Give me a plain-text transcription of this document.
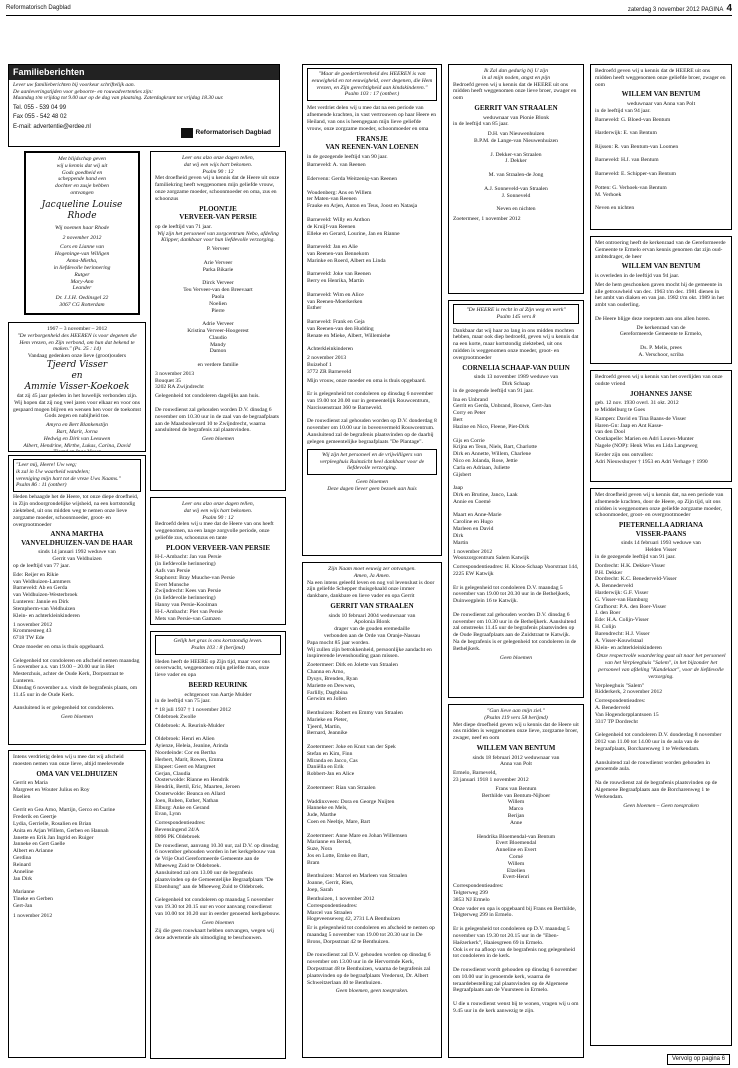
Reformatorisch Dagblad	zaterdag 3 november 2012 PAGINA 4
Familieberichten
Lever uw familieberichten bij voorkeur schriftelijk aan.
De aanleveringstijden voor geboorte- en rouwadvertenties zijn:
Maandag t/m vrijdag tot 9.00 uur op de dag van plaatsing. Zaterdagkrant tot vrijdag 18.30 uur.
Tel. 055 - 539 04 99
Fax 055 - 542 48 02
E-mail: advertentie@erdee.nl
Reformatorisch Dagblad
Met blijdschap geven
wij u kennis dat wij uit
Gods goedheid en
scheppende hand een
dochter en zusje hebben
ontvangen
Jacqueline Louise
Rhode
Wij noemen haar Rhode
2 november 2012
Cors en Lianne van
Hogeninge-van Willigen
Anna-Mietha,
in liefdevolle herinnering
Rutger
Mary-Ann
Leander
Dr. J.J.H. Oedinsgel 22
3067 CG Rotterdam
1967 – 3 november – 2012
"De verborgenheid des HEEREN is voor degenen die Hem vrezen, en Zijn verbond, om hun dat bekend te maken." (Ps. 25 : 14)
Vandaag gedenken onze lieve (groot)ouders
Tjeerd Visser
en
Ammie Visser-Koekoek
dat zij 45 jaar geleden in het huwelijk verbonden zijn. Wij hopen dat zij nog veel jaren voor elkaar en voor ons gespaard mogen blijven en wensen hen voor de toekomst Gods zegen en nabijheid toe.
Amyra en Bert Blankenstijn
Bart, Marit, Jorna
Hedwig en Dirk van Leeuwen
Albert, Hendrine, Mirthe, Lukas, Carina, David

"Leer mij, Heere! Uw weg;
ik zal in Uw waarheid wandelen;
vereniging mijn hart tot de vreze Uws Naams."
Psalm 86 : 11 (ontber)
Heden behaagde het de Heere, tot onze diepe droefheid, in Zijn ondoorgrondelijke wijsheid, na een kortstondig ziektebed, uit ons midden weg te nemen onze lieve zorgzame moeder, schoonmoeder, groot- en overgrootmoeder
ANNA MARTHA
VANVELDHUIZEN-VAN DE HAAR
sinds 14 januari 1992 weduwe van
Gerrit van Veldhuizen
op de leeftijd van 77 jaar.
Ede: Reijer en Rikie
van Veldhuizen-Lammers
Barneveld: Ab en Gerda
van Veldhuizen-Westerbroek
Lunteren: Jannie en Dirk
Stempherm-van Veldhuizen
Klein- en achterkleinkinderen
1 november 2012
Krommesteeg 43
6718 TW Ede
Onze moeder en oma is thuis opgebaard.

Gelegenheid tot condoleren en afscheid nemen maandag 5 november a.s. van 19.00 – 20.00 uur in Het Mesterzhuis, achter de Oude Kerk, Dorpsstraat te Lunteren.
Dinsdag 6 november a.s. vindt de begrafenis plaats, om 11.45 uur in de Oude Kerk.

Aansluitend is er gelegenheid tot condoleren.
Geen bloemen
Intens verdrietig delen wij u mee dat wij afscheid moesten nemen van onze lieve, altijd meelevende
OMA VAN VELDHUIZEN
Gerrit en Maria
Margreet en Wouter Julius en Roy
Boelien

Gerrit en Gea Arno, Martijn, Gerco en Carine
Frederik en Geertje
Lydia, Gerrielle, Rosalien en Brian
Anita en Arjan Willem, Gerben en Hannah
Janette en Erik Jan Ingrid en Ruiger
Janneke en Gert Gaelle
Albert en Arianne
Gerdina
Reinard
Anneline
Jan Dirk

Marianne
Tineke en Gerben
Gert-Jan
1 november 2012
Leer ons alzo onze dagen tellen,
dat wij een wijs hart bekomen.
Psalm 90 : 12
Met droefheid geven wij u kennis dat de Heere uit onze familiekring heeft weggenomen mijn geliefde vrouw, onze zorgzame moeder, schoonmoeder en oma, zus en schoonzus
PLOONTJE
VERVEER-VAN PERSIE
op de leeftijd van 71 jaar.
Wij zijn het personeel van zorgcentrum Nebo, afdeling Klipper, dankbaar voor hun liefdevolle verzorging.
P. Verveer

Arie Verveer
Parka Bikarie

Dirck Verveer
Teu Verveer-van den Breevaart
Paola
Noelien
Pierre

Adrie Verveer
Kristina Verveer-Hoogerest
Claudio
Mandy
Damon

en verdere familie
3 november 2013
Bouquet 35
3202 RA Zwijndrecht
Gelegenheid tot condoleren dagelijks aan huis.

De rouwdienst zal gehouden worden D.V. dinsdag 6 november om 10.30 uur in de zaal van de begraafplaats aan de Maasboulevard 10 te Zwijndrecht, waarna aansluitend de begrafenis zal plaatsvinden.
Geen bloemen
Leer ons alzo onze dagen tellen,
dat wij een wijs hart bekomen.
Psalm 90 : 12
Bedroefd delen wij u mee dat de Heere van ons heeft weggenomen, na een lange zorgvolle periode, onze geliefde zus, schoonzus en tante
PLOON VERVEER-VAN PERSIE
H-I.-Ambacht: Jan van Persie
(in liefdevolle herinnering)
Aafs van Persie
Staphorst: Bray Muuche-van Persie
Evert Munsche
Zwijndrecht: Kees van Persie
(in liefdevolle herinnering)
Hanny van Persie-Kooiman
H-I.-Ambacht: Piet van Persie
Mets van Persie-van Gamzen
Gelijk het gras is ons kortstondig leven.
Psalm 103 : 8 (berijmd)
Heden heeft de HEERE op Zijn tijd, maar voor ons onverwacht, weggenomen mijn geliefde man, onze lieve vader en opa
BEERD REURINK
echtgenoot van Aartje Mulder
in de leeftijd van 75 jaar.
* 18 juli 1937 † 1 november 2012
Oldebroek Zwolle
Oldebroek: A. Reurink-Mulder

Oldebroek: Henri en Alien
Ayienze, Heleia, Jeanine, Arinda
Noordeinde: Cor en Bertha
Herbert, Marit, Rowen, Emma
Elspeet: Geert en Margreet
Gerjan, Claudia
Oosterwolde: Rianne en Hendrik
Hendrik, Bertil, Eric, Maarten, Jeroen
Oosterwolde: Beanca en Allard
Joen, Ruben, Esther, Nathan
Elburg: Anke en Gerand
Evan, Lynn
Correspondentieadres:
Bevensingend 24/A
8096 PK Oldebroek
De rouwdienst, aanvang 10.30 uur, zal D.V. op dinsdag 6 november gehouden worden in het kerkgebouw van de Vrije Oud Gereformeerde Gemeente aan de Mheeweg Zuid te Oldebroek.
Aansluitend zal om 13.00 uur de begrafenis plaatsvinden op de Gemeentelijke Begraafplaats "De Elzenhung" aan de Mheeweg Zuid te Oldebroek.

Gelegenheid tot condoleren op maandag 5 november van 19.30 tot 20.15 uur en voor aanvang rouwdienst van 10.00 tot 10.20 uur in eerder genoemd kerkgebouw.
Geen bloemen
Zij die geen rouwkaart hebben ontvangen, wegen wij deze advertentie als uitnodiging te beschouwen.
"Maar de goedertierenheid des HEEREN is van eeuwigheid en tot eeuwigheid, over degenen, die Hem vrezen, en Zijn gerechtigheid aan kindskinderen."
Psalm 103 : 17 (ontber.)
Met verdriet delen wij u mee dat na een periode van afnemende krachten, in vast vertrouwen op haar Heere en Heiland, van ons is heengegaan mijn lieve geliefde vrouw, onze zorgzame moeder, schoonmoeder en oma
FRANSJE
VAN REENEN-VAN LOENEN
in de gezegende leeftijd van 90 jaar.
Barneveld: A. van Reenen

Edervenn: Gerda Weitzenig-van Reenen

Woudenberg: Ans en Willem
ter Maten-van Reenen
Frauke en Arjen, Anton en Teus, Joost en Natasja

Barneveld: Willy en Anthon
de Kruijf-van Reenen
Elleke en Gerard, Lourine, Jan en Rianne

Barneveld: Jan en Alie
van Reenen-van Bennekom
Marinke en Roerd, Albert en Linda

Barneveld: Joke van Reenen
Berry en Henrika, Martin

Barneveld: Wim en Alice
van Reenen-Moerkerken
Esther

Barneveld: Frank en Geja
van Reenen-van den Hudding
Renate en Mieke, Albert, Willemiehe

Achterkleinkinderen
2 november 2013
Buizehof 1
3772 ZR Barneveld
Mijn vrouw, onze moeder en oma is thuis opgebaard.

Er is gelegenheid tot condoleren op dinsdag 6 november van 19.00 tot 20.00 uur in gemeentelijk Rouwcentrum, Narcissenstraat 360 te Barneveld.

De rouwdienst zal gehouden worden op D.V. donderdag 8 november om 10.00 uur in bovenvermeld Rouwcentrum. Aansluitend zal de begrafenis plaatsvinden op de daarbij gelegen gemeentelijke begraafplaats "De Plantage".
Wij zijn het personeel en de vrijwilligers van verpleeghuis Ruimzicht heel dankbaar voor de liefdevolle verzorging.
Geen bloemen
Deze dagen liever geen bezoek aan huis
Zijn Naam moet eeuwig zer ontvangen.
Amen, Ja Amen.
Na een intens geleefd leven en nog vol levenslust is door zijn geliefde Schepper thuisgehaald onze immer dankbare, dankbare en lieve vader en opa Gerrit
GERRIT VAN STRAALEN
sinds 10 februari 2004 weduwnaar van
Apolonia Blonk
drager van de gouden eremedaille
verbonden aan de Orde van Oranje-Nassau
Papa mocht 85 jaar worden.
Wij zullen zijn betrokkenheid, persoonlijke aandacht en inspirerende levenshouding gaan missen.
Zoetermeer: Dirk en Jolette van Straalen
Channa en Arno,
Dyuys, Brenden, Ryan
Mariette en Dewwen,
Farlilly, Dagbbina
Gerwim en Jolien

Benthuizen: Robert en Emmy van Straalen
Marieke en Pieter,
Tjeerd, Martin,
Bernard, Jeannike

Zoetermeer: Joke en Knut van der Spek
Stefan en Kim, Finn
Miranda en Jacco, Cas
Daniëlla en Erik
Robbert-Jan en Alice

Zoetermeer: Rian van Straalen

Waddinxveen: Dora en George Nuijten
Hanneke en Mels,
Jude, Marthe
Coen en Neeltje, Mare, Bart

Zoetermeer: Anne Mare en Johan Willemsen
Marianne en Bernd,
Suze, Nora
Jos en Lotte, Emke en Bart,
Bram

Benthuizen: Marcel en Marleen van Straalen
Joanne, Gerrit, Rien,
Joep, Sarah
Benthuizen, 1 november 2012
Correspondentieadres:
Marcel van Straalen
Hogeveenseweg 42, 2731 LA Benthuizen
Er is gelegenheid tot condoleren en afscheid te nemen op maandag 5 november van 19.00 tot 20.30 uur in De Brons, Dorpsstraat 42 te Benthuizen.

De rouwdienst zal D.V. gehouden worden op dinsdag 6 november om 13.00 uur in de Hervormde Kerk, Dorpsstraat 48 te Benthuizen, waarna de begrafenis zal plaatsvinden op de begraafplaats Vrederust, Dr. Albert Schweitzerlaan 40 te Benthuizen.
Geen bloemen, geen toespraken.
Ik Zal dan gedurig bij U zijn
in al mijn noden, angst en pijn
Bedroefd geven wij u kennis dat de HEERE uit ons midden heeft weggenomen onze lieve broer, zwager en oom
GERRIT VAN STRAALEN
weduwnaar van Pionie Blonk
in de leeftijd van 85 jaar.
D.H. van Nieuwenhuizen
B.P.M. de Lange-van Nieuwenhuizen

J. Dekker-van Straalen
J. Dekker

M. van Straalen-de Jong

A.J. Sonneveld-van Straalen
J. Sonneveld

Neven en nichten
Zoetermeer, 1 november 2012
"De HEERE is recht in al Zijn weg en werk"
Psalm 145 vers 8
Dankbaar dat wij haar zo lang in ons midden mochten hebben, maar ook diep bedroefd, geven wij u kennis dat na een korte, maar kortstondig ziektebed, uit ons midden is weggenomen onze moeder, groot- en overgrootmoeder
CORNELIA SCHAAP-VAN DUIJN
sinds 13 november 1989 weduwe van
Dirk Schaap
in de gezegende leeftijd van 91 jaar.
Ina en Unbrand
Gerrit en Gerda, Unbrand, Bouwe, Gert-Jan
Corry en Peter
Bert
Hazine en Nico, Fleene, Piet-Dirk

Gijs en Corrie
Krijna en Teun, Niels, Bart, Charlotte
Dirk en Annette, Willem, Charlene
Nico en Jolanda, Rose, Jettie
Carla en Adriaan, Juliette
Gijsbert

Jaap
Dirk en Brutine, Janco, Laak
Annie en Coemé

Maart en Anne-Marie
Caroline en Hugo
Marleen en David
Dirk
Martin
1 november 2012
Woonzorgcentrum Salem Katwijk
Correspondentieadres: H. Kloos-Schaap Voorstraat 144, 2225 EW Katwijk

Er is gelegenheid tot condoleren D.V. maandag 5 november van 19.00 tot 20.30 uur in de Betheljkerk, Duinwegplein 16 te Katwijk.

De rouwdienst zal gehouden worden D.V. dinsdag 6 november om 10.30 uur in de Betheljkerk. Aansluitend zal omstreeks 11.45 uur de begrafenis plaatsvinden op de Oude Begraafplaats aan de Zuidstraat te Katwijk.
Na de begrafenis is er gelegenheid tot condoleren in de Betheljkerk.
Geen bloemen
"Gun lieve aan mijn ziel."
(Psalm 119 vers 58 berijmd)
Met diepe droefheid geven wij u kennis dat de Heere uit ons midden is weggenomen onze lieve, zorgzame broer, zwager, neef en oom
WILLEM VAN BENTUM
sinds 18 februari 2012 weduwnaar van
Anna van Polt
Ermelo, Barneveld,
23 januari 1918 1 november 2012
Frans van Bentum
Berthilde van Bentum-Nijboer
Willem
Marco
Berijan
Anne

Hendrika Bloemendal-van Bentum
Evert Bloemendal
Anneline en Evert
Corné
Willem
Elzelien
Evert-Henri
Correspondentieadres:
Telgterweg 299
3853 NJ Ermelo
Onze vader en opa is opgebaard bij Frans en Berthilde, Telgterweg 299 in Ermelo.

Er is gelegenheid tot condoleren op D.V. maandag 5 november van 19.30 tot 20.15 uur in de "Eben-Haëzerkerk", Haaiesgreen 69 in Ermelo.
Ook is er na afloop van de begrafenis nog gelegenheid tot condoleren in de kerk.

De rouwdienst wordt gehouden op dinsdag 6 november om 10.00 uur in genoemde kerk, waarna de teraardebestelling zal plaatsvinden op de Algemene Begraafplaats aan de Vuursteen in Ermelo.

U die u rouwdienst wenst bij te wonen, vragen wij u om 9.45 uur in de kerk aanwezig te zijn.
Bedroefd geven wij u kennis dat de HEERE uit ons midden heeft weggenomen onze geliefde broer, zwager en oom
WILLEM VAN BENTUM
weduwnaar van Anna van Polt
in de leeftijd van 94 jaar.
Barneveld: G. Bloed-van Bentum

Harderwijk: E. van Bentum

Rijssen: R. van Bentum-van Loomen

Barneveld: H.J. van Bentum

Barneveld: E. Schipper-van Bentum

Potten: G. Verhoek-van Bentum
M. Verhoek

Neven en nichten
Met ontroering heeft de kerkenraad van de Gereformeerde Gemeente te Ermelo ervan kennis genomen dat zijn oud-ambtsdrager, de heer
WILLEM VAN BENTUM
is overleden in de leeftijd van 94 jaar.
Met de hem geschonken gaven mocht hij de gemeente in alle getrouwheid van dec. 1963 t/m dec. 1981 dienen in het ambt van diaken en van jan. 1982 t/m okt. 1989 in het ambt van ouderling.

De Heere blijge deze roepstem aan ons allen horen.
De kerkenraad van de
Gereformeerde Gemeente te Ermelo,

Ds. P. Melis, prees
A. Verschoor, scriba
Bedroefd geven wij u kennis van het overlijden van onze oudste vriend
JOHANNES JANSE
geb. 12 nov. 1930 overl. 31 okt. 2012
te Middelburg te Goes
Kampen: David en Tina Baans-de Visser
Haren-Gn: Jaap en Ant Kasse-
van den Dool
Oostkapelle: Marien en Adri Louws-Munter
Nagele (NOP): Henk Wiss en Lida Langeweg
Kerder zijn ons ontvallen:
Adri Nieuwshuyer † 1953 en Adri Verhage † 1990
Met droefheid geven wij u kennis dat, na een periode van afnemende krachten, door de Heere, op Zijn tijd, uit ons midden is weggenomen onze geliefde zorgzame moeder, schoonmoeder, groot- en overgrootmoeder
PIETERNELLA ADRIANA
VISSER-PAANS
sinds 14 februari 1993 weduwe van
Helden Visser
in de gezegende leeftijd van 91 jaar.
Dordrecht: H.K. Dekker-Visser
P.H. Dekker
Dordrecht: K.C. Benederveld-Visser
A. Bennederveld
Harderwijk: G.F. Visser
G. Visser-van Hamburg
Grafhorst: P.A. den Boer-Visser
J. den Boer
Ede: H.A. Colijn-Visser
H. Colijn
Barendrecht: H.J. Visser
A. Visser-Kouwlstaal
Klein- en achterkleinkinderen
Onze respectvolle waardering gaat uit naar het personeel van het Verpleeghuis "Salem", in het bijzonder het personeel van afdeling "Kandelaar", voor de liefdevolle verzorging.
Verpleeghuis "Salem"
Ridderkerk, 2 november 2012
Correspondentieadres:
A. Benederveld
Van Hogendorpplantsoen 15
3317 TP Dordrecht

Gelegenheid tot condoleren D.V. donderdag 8 november 2012 van 11.00 tot 14.00 uur in de aula van de begraafplaats, Borcharenweg 1 te Werkendam.

Aansluitend zal de rouwdienst worden gehouden in genoemde aula.

Na de rouwdienst zal de begrafenis plaatsvinden op de Algemene Begraafplaats aan de Borcharenweg 1 te Werkendam.
Geen bloemen – Geen toespraken
Vervolg op pagina 6
